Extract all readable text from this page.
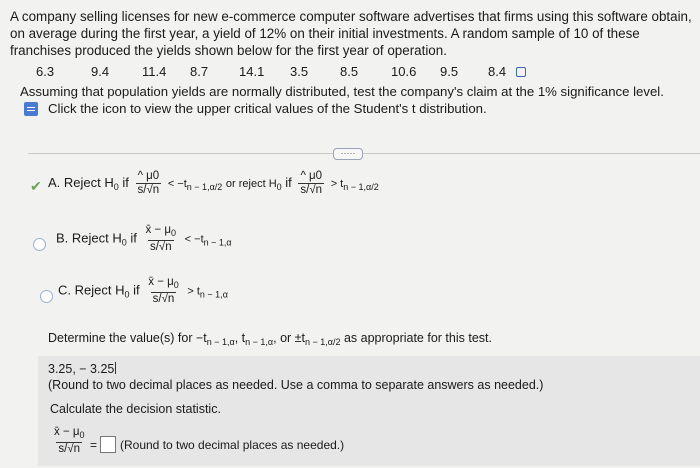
A company selling licenses for new e-commerce computer software advertises that firms using this software obtain, on average during the first year, a yield of 12% on their initial investments. A random sample of 10 of these franchises produced the yields shown below for the first year of operation.
6.3	9.4	11.4 8.7 14.1 3.5 8.5	10.6 9.5 8.4
Assuming that population yields are normally distributed, test the company's claim at the 1% significance level.
Click the icon to view the upper critical values of the Student's t distribution.
·····
✔ A. Reject $H_0$ if $\frac{\^{} \mu 0}{s/√n} < -t_{n - 1,\alpha/2}$ or reject $H_0$ if $\frac{\^{} \mu 0}{s/√n} > t_{n - 1,\alpha/2}$
B. Reject $H_0$ if $\frac{x̄ - \mu_0}{s/√n} < -t_{n - 1,\alpha}$
C. Reject $H_0$ if $\frac{x̄ - \mu_0}{s/√n} > t_{n - 1,\alpha}$
Determine the value(s) for $-t_{n - 1,\alpha}$, $t_{n - 1,\alpha}$, or $\pm t_{n - 1,\alpha/2}$ as appropriate for this test.
3.25, − 3.25
(Round to two decimal places as needed. Use a comma to separate answers as needed.)
Calculate the decision statistic.
$\frac{x̄ - \mu_0}{s/√n}$ = (Round to two decimal places as needed.)
